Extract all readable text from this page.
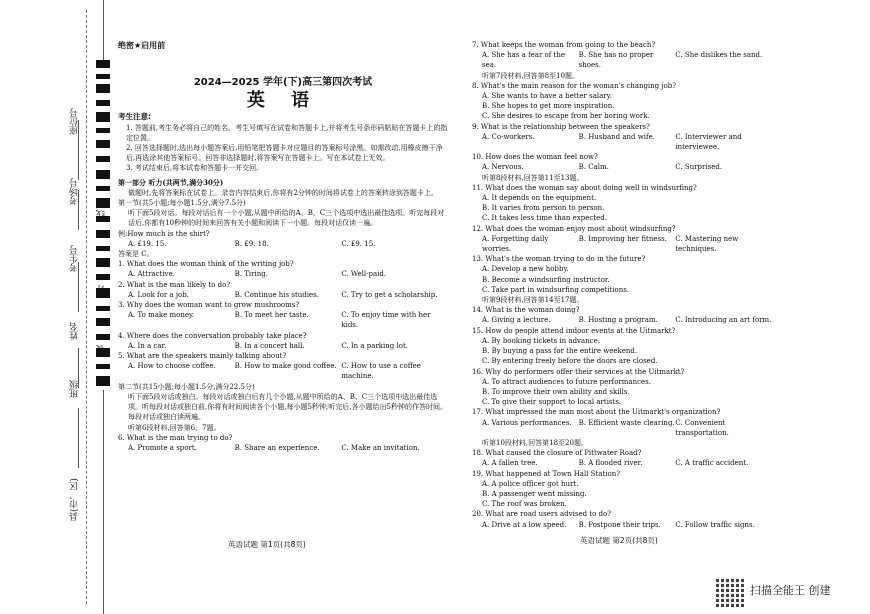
座位号
考场号
考生号
姓名
班级
县(市、区)
线
订
装
绝密★启用前
2024—2025 学年(下)高三第四次考试
英 语
考生注意:

1. 答题前,考生务必将自己的姓名、考生号填写在试卷和答题卡上,并将考生号条形码粘贴在答题卡上的指定位置。

2. 回答选择题时,选出每小题答案后,用铅笔把答题卡对应题目的答案标号涂黑。如需改动,用橡皮擦干净后,再选涂其他答案标号。回答非选择题时,将答案写在答题卡上。写在本试卷上无效。

3. 考试结束后,将本试卷和答题卡一并交回。

第一部分 听力(共两节,满分30分)
做题时,先将答案标在试卷上。录音内容结束后,你将有2分钟的时间将试卷上的答案转涂到答题卡上。
第一节(共5小题;每小题1.5分,满分7.5分)
听下面5段对话。每段对话后有一个小题,从题中所给的A、B、C三个选项中选出最佳选项。听完每段对话后,你都有10秒钟的时间来回答有关小题和阅读下一小题。每段对话仅读一遍。
例:How much is the shirt?
A. £19. 15.	B. £9. 18.	C. £9. 15.
答案是 C。
1. What does the woman think of the writing job?
A. Attractive.	B. Tiring.	C. Well-paid.
2. What is the man likely to do?
A. Look for a job.	B. Continue his studies.	C. Try to get a scholarship.
3. Why does the woman want to grow mushrooms?
A. To make money.	B. To meet her taste.	C. To enjoy time with her kids.
4. Where does the conversation probably take place?
A. In a car.	B. In a concert hall.	C. In a parking lot.
5. What are the speakers mainly talking about?
A. How to choose coffee.	B. How to make good coffee. C. How to use a coffee machine.
第二节(共15小题;每小题1.5分,满分22.5分)
听下面5段对话或独白。每段对话或独白后有几个小题,从题中所给的A、B、C三个选项中选出最佳选项。听每段对话或独白前,你将有时间阅读各个小题,每小题5秒钟;听完后,各小题给出5秒钟的作答时间。每段对话或独白读两遍。
听第6段材料,回答第6、7题。
6. What is the man trying to do?
A. Promote a sport.	B. Share an experience.	C. Make an invitation.
7. What keeps the woman from going to the beach?
A. She has a fear of the sea.
B. She has no proper shoes.
C. She dislikes the sand.
听第7段材料,回答第8至10题。
8. What's the main reason for the woman's changing job?
A. She wants to have a better salary.
B. She hopes to get more inspiration.
C. She desires to escape from her boring work.
9. What is the relationship between the speakers?
A. Co-workers.	B. Husband and wife.	C. Interviewer and interviewee.
10. How does the woman feel now?
A. Nervous.	B. Calm.	C. Surprised.
听第8段材料,回答第11至13题。
11. What does the woman say about doing well in windsurfing?
A. It depends on the equipment.
B. It varies from person to person.
C. It takes less time than expected.
12. What does the woman enjoy most about windsurfing?
A. Forgetting daily worries.
B. Improving her fitness.	C. Mastering new techniques.
13. What's the woman trying to do in the future?
A. Develop a new hobby.
B. Become a windsurfing instructor.
C. Take part in windsurfing competitions.
听第9段材料,回答第14至17题。
14. What is the woman doing?
A. Giving a lecture.	B. Hosting a program.	C. Introducing an art form.
15. How do people attend indoor events at the Uitmarkt?
A. By booking tickets in advance.
B. By buying a pass for the entire weekend.
C. By entering freely before the doors are closed.
16. Why do performers offer their services at the Uitmarkt?
A. To attract audiences to future performances.
B. To improve their own ability and skills.
C. To give their support to local artists.
17. What impressed the man most about the Uitmarkt's organization?
A. Various performances.	B. Efficient waste clearing. C. Convenient transportation.
听第10段材料,回答第18至20题。
18. What caused the closure of Pittwater Road?
A. A fallen tree.	B. A flooded river.	C. A traffic accident.
19. What happened at Town Hall Station?
A. A police officer got hurt.
B. A passenger went missing.
C. The roof was broken.
20. What are road users advised to do?
A. Drive at a low speed.	B. Postpone their trips.	C. Follow traffic signs.
英语试题 第1页(共8页)	英语试题 第2页(共8页)
扫描全能王 创建
